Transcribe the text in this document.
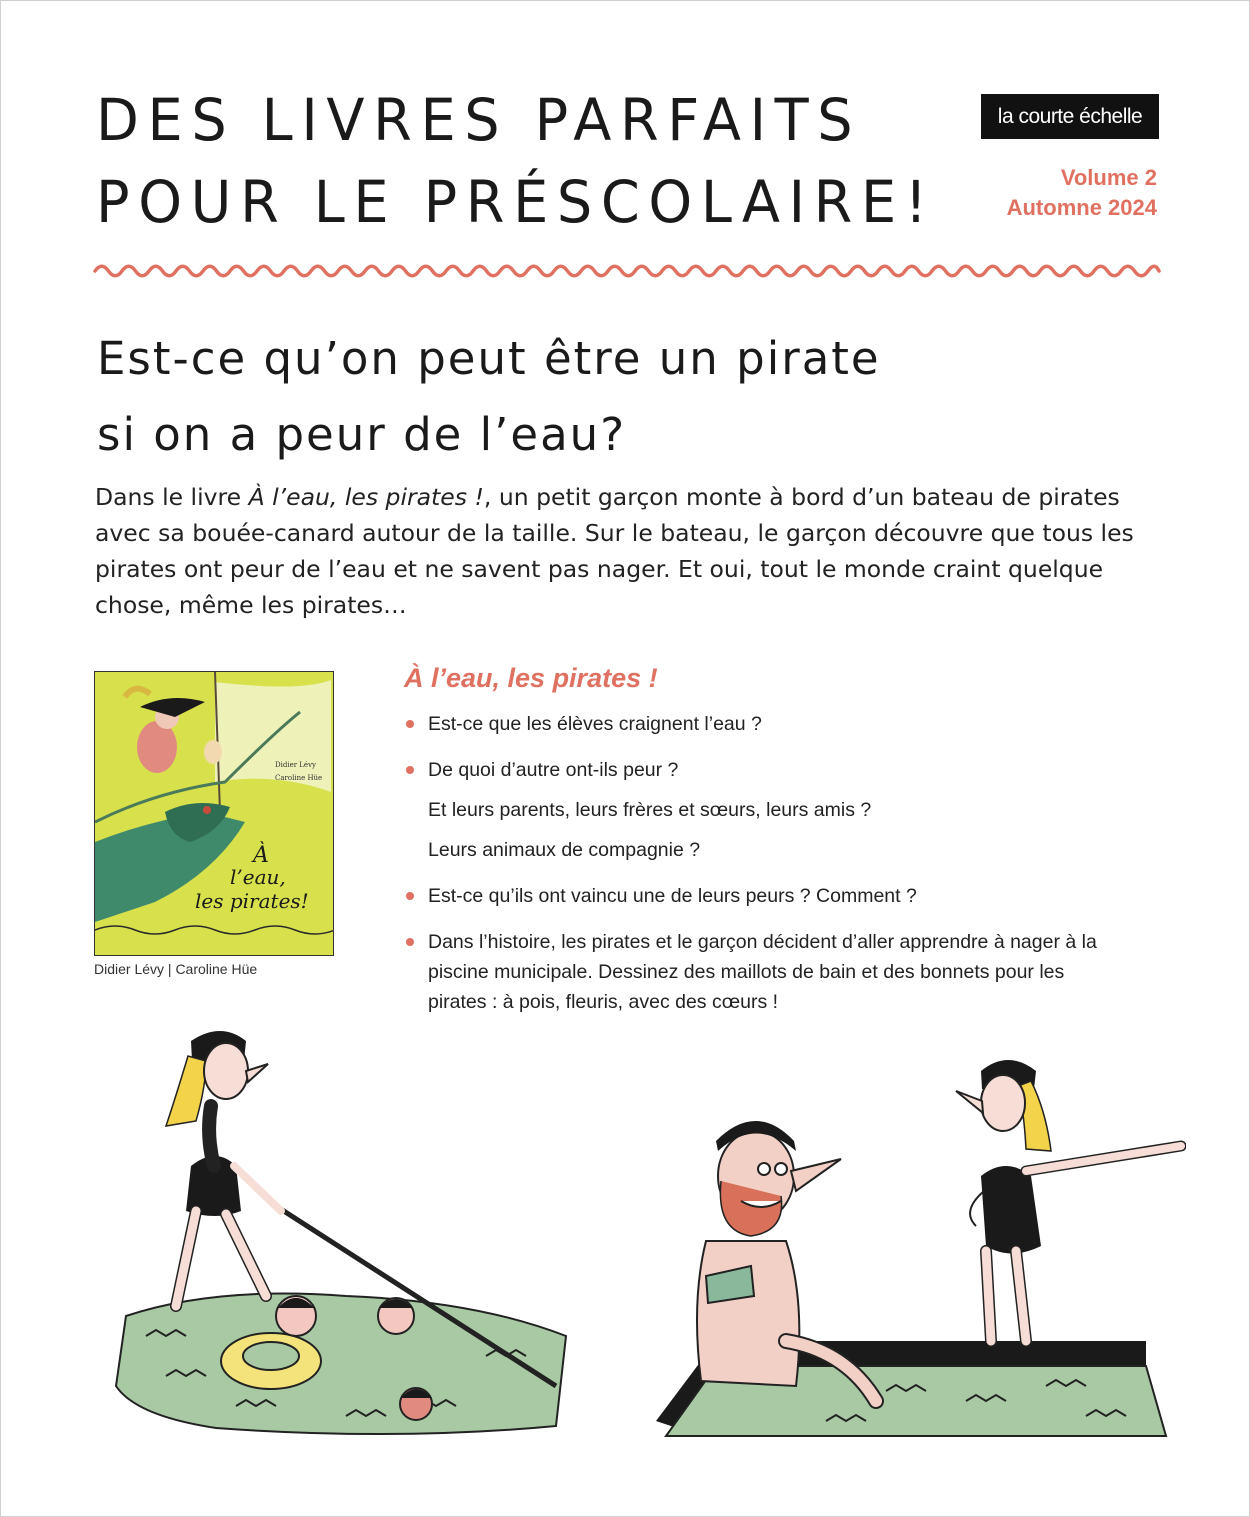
DES LIVRES PARFAITS
POUR LE PRÉSCOLAIRE!
la courte échelle
Volume 2
Automne 2024
Est-ce qu’on peut être un pirate
si on a peur de l’eau?

Dans le livre À l’eau, les pirates !, un petit garçon monte à bord d’un bateau de pirates avec sa bouée-canard autour de la taille. Sur le bateau, le garçon découvre que tous les pirates ont peur de l’eau et ne savent pas nager. Et oui, tout le monde craint quelque chose, même les pirates…

Didier Lévy
Caroline Hüe
À
l’eau,
les pirates!
Didier Lévy | Caroline Hüe
À l’eau, les pirates !
Est-ce que les élèves craignent l’eau ?
De quoi d’autre ont-ils peur ?
Et leurs parents, leurs frères et sœurs, leurs amis ?
Leurs animaux de compagnie ?
Est-ce qu’ils ont vaincu une de leurs peurs ? Comment ?
Dans l’histoire, les pirates et le garçon décident d’aller apprendre à nager à la piscine municipale. Dessinez des maillots de bain et des bonnets pour les pirates : à pois, fleuris, avec des cœurs !
